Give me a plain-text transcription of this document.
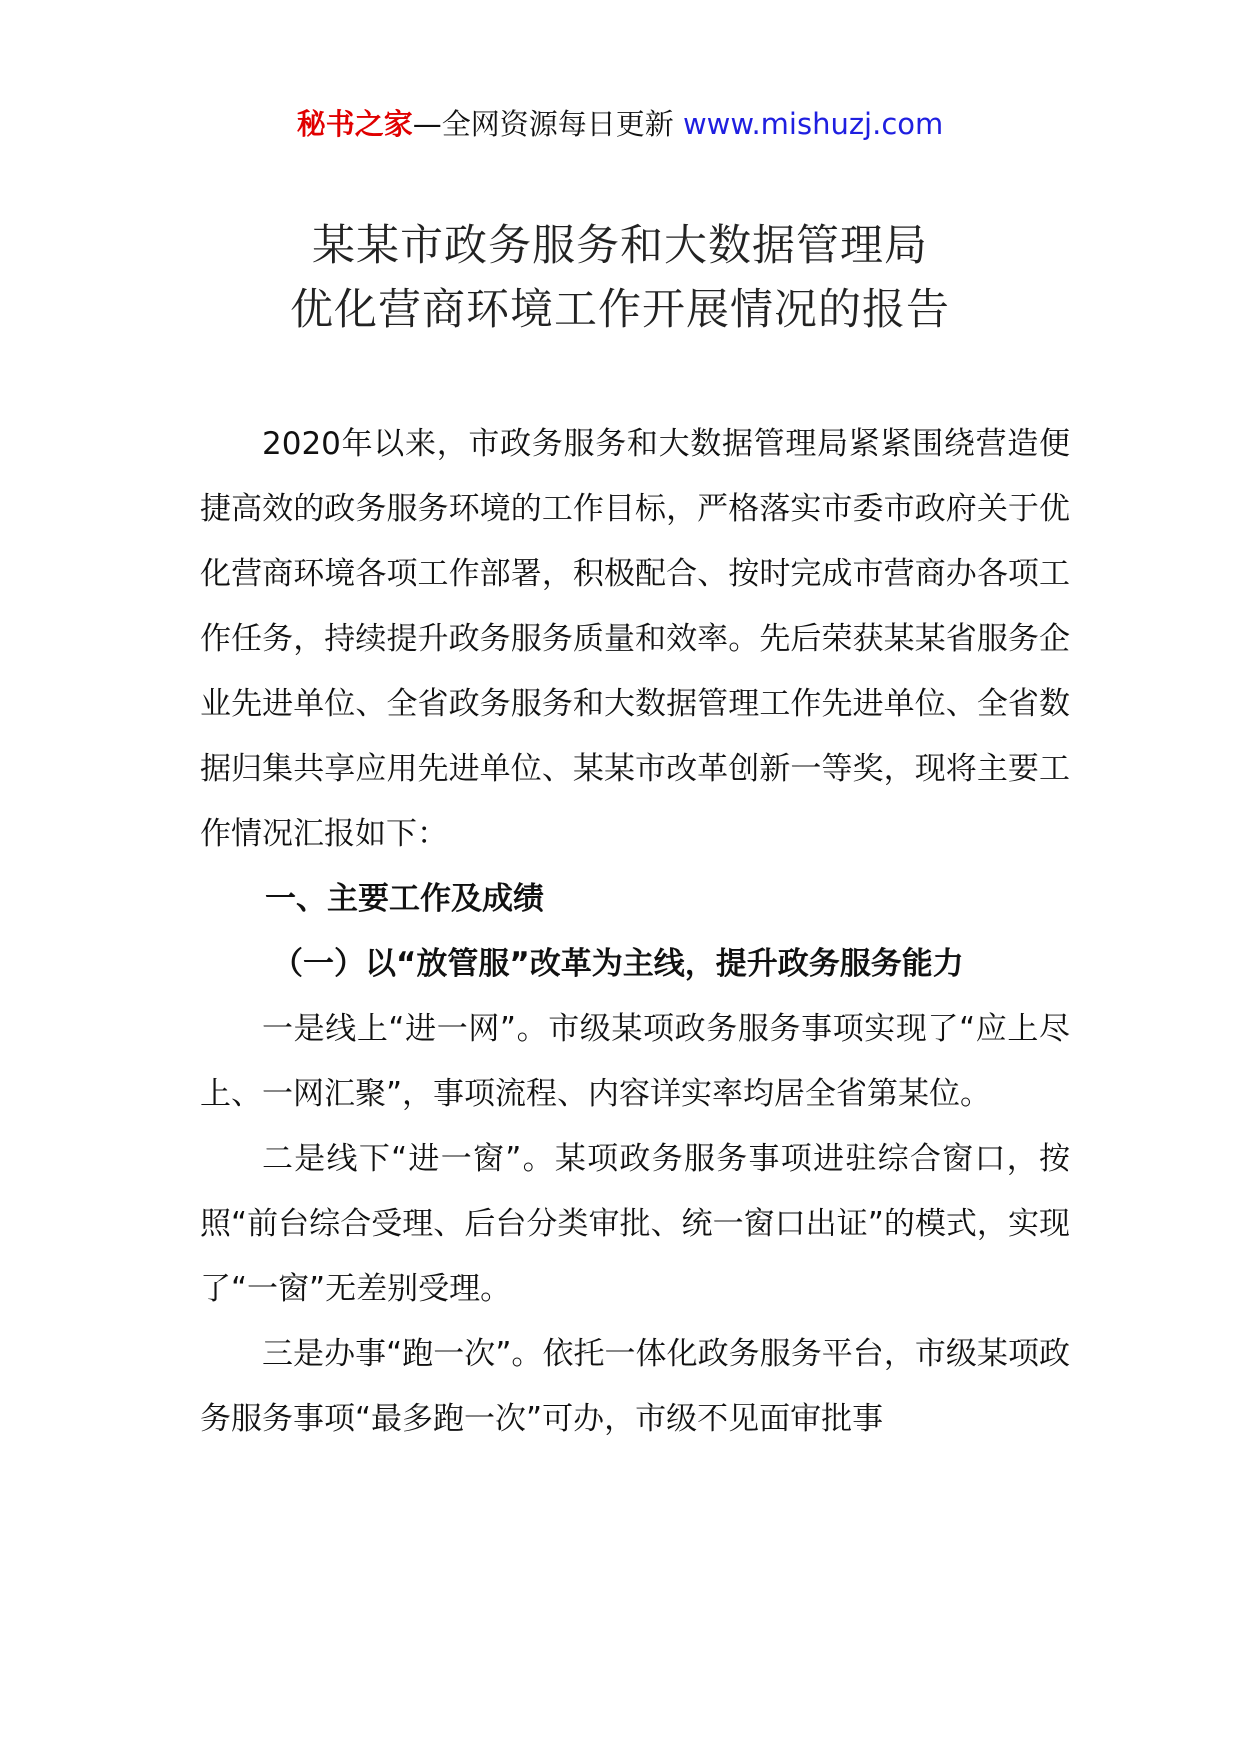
秘书之家—全网资源每日更新 www.mishuzj.com
某某市政务服务和大数据管理局
优化营商环境工作开展情况的报告

2020年以来，市政务服务和大数据管理局紧紧围绕营造便捷高效的政务服务环境的工作目标，严格落实市委市政府关于优化营商环境各项工作部署，积极配合、按时完成市营商办各项工作任务，持续提升政务服务质量和效率。先后荣获某某省服务企业先进单位、全省政务服务和大数据管理工作先进单位、全省数据归集共享应用先进单位、某某市改革创新一等奖，现将主要工作情况汇报如下：

一、主要工作及成绩

（一）以“放管服”改革为主线，提升政务服务能力

一是线上“进一网”。市级某项政务服务事项实现了“应上尽上、一网汇聚”，事项流程、内容详实率均居全省第某位。

二是线下“进一窗”。某项政务服务事项进驻综合窗口，按照“前台综合受理、后台分类审批、统一窗口出证”的模式，实现了“一窗”无差别受理。

三是办事“跑一次”。依托一体化政务服务平台，市级某项政务服务事项“最多跑一次”可办，市级不见面审批事
